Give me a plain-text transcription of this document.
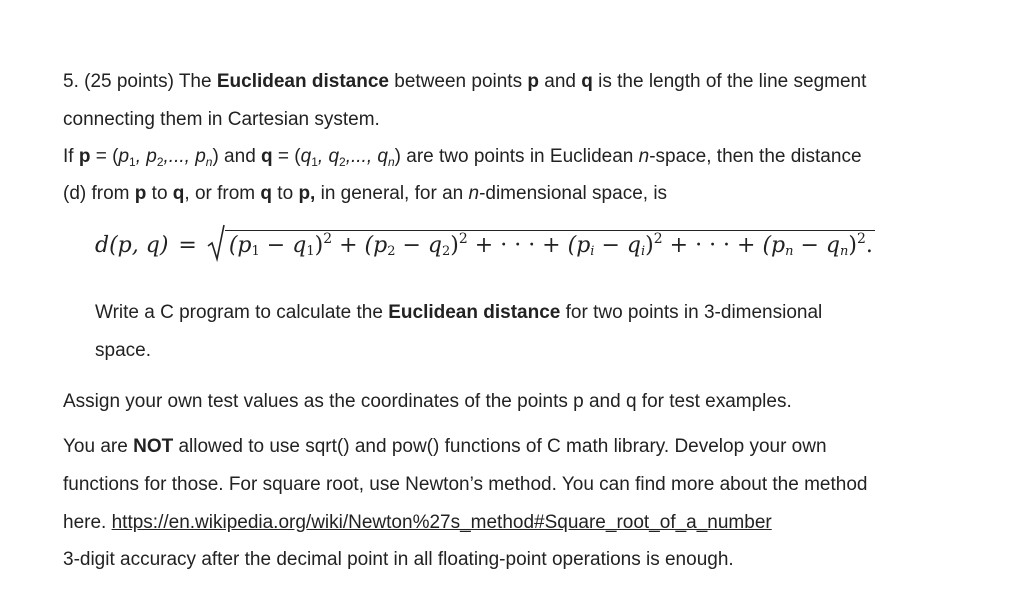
5. (25 points) The Euclidean distance between points p and q is the length of the line segment
connecting them in Cartesian system.
If $p = (p_1$, $p_2$,..., $p_n$) and $q = (q_1$, $q_2$,..., $q_n$) are two points in Euclidean n-space, then the distance
(d) from p to q, or from q to p, in general, for an n-dimensional space, is
d(p, q) =	$(p_1 - q_1)^2 + (p_2 - q_2)^2$ + · · · + $(p_i - q_i)^2$ + · · · + $(p_n - q_n)^2$.
Write a C program to calculate the Euclidean distance for two points in 3-dimensional
space.
Assign your own test values as the coordinates of the points p and q for test examples.
You are NOT allowed to use sqrt() and pow() functions of C math library. Develop your own
functions for those. For square root, use Newton’s method. You can find more about the method
here. https://en.wikipedia.org/wiki/Newton%27s_method#Square_root_of_a_number
3-digit accuracy after the decimal point in all floating-point operations is enough.
